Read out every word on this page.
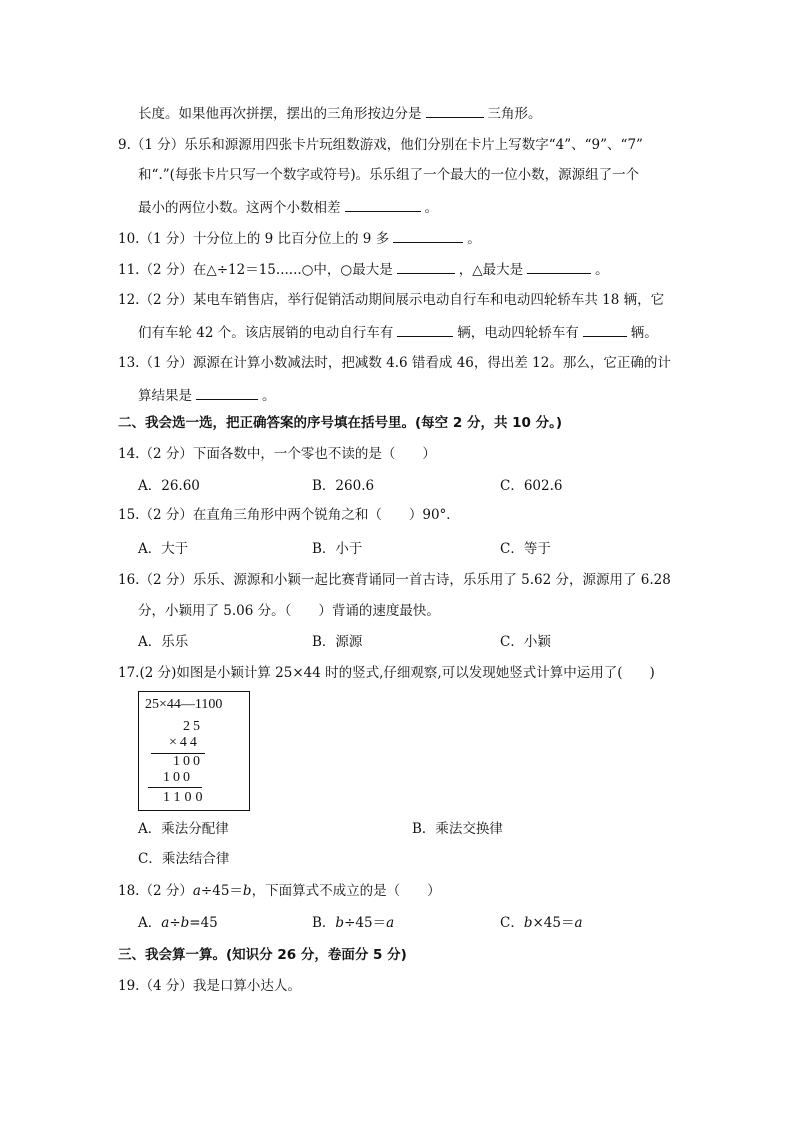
长度。如果他再次拼摆，摆出的三角形按边分是	三角形。
9.（1 分）乐乐和源源用四张卡片玩组数游戏，他们分别在卡片上写数字“4”、“9”、“7”
和“.”(每张卡片只写一个数字或符号)。乐乐组了一个最大的一位小数，源源组了一个
最小的两位小数。这两个小数相差	。
10.（1 分）十分位上的 9 比百分位上的 9 多	。
11.（2 分）在△÷12＝15......○中，○最大是	，△最大是	。
12.（2 分）某电车销售店，举行促销活动期间展示电动自行车和电动四轮轿车共 18 辆，它
们有车轮 42 个。该店展销的电动自行车有	辆，电动四轮轿车有	辆。
13.（1 分）源源在计算小数减法时，把减数 4.6 错看成 46，得出差 12。那么，它正确的计
算结果是	。
二、我会选一选，把正确答案的序号填在括号里。(每空 2 分，共 10 分。)
14.（2 分）下面各数中，一个零也不读的是（　　）
A．26.60	B．260.6	C．602.6
15.（2 分）在直角三角形中两个锐角之和（　　）90°．
A．大于	B．小于	C．等于
16.（2 分）乐乐、源源和小颖一起比赛背诵同一首古诗，乐乐用了 5.62 分，源源用了 6.28
分，小颖用了 5.06 分。（　　）背诵的速度最快。
A．乐乐	B．源源	C．小颖
17.(2 分)如图是小颖计算 25×44 时的竖式,仔细观察,可以发现她竖式计算中运用了(　　)
25×44—1100
25
×44
100
100
1100
A．乘法分配律	B．乘法交换律
C．乘法结合律
18.（2 分）a÷45＝b，下面算式不成立的是（　　）
A．a÷b=45	B．b÷45＝a	C．b×45＝a
三、我会算一算。(知识分 26 分，卷面分 5 分)
19.（4 分）我是口算小达人。
